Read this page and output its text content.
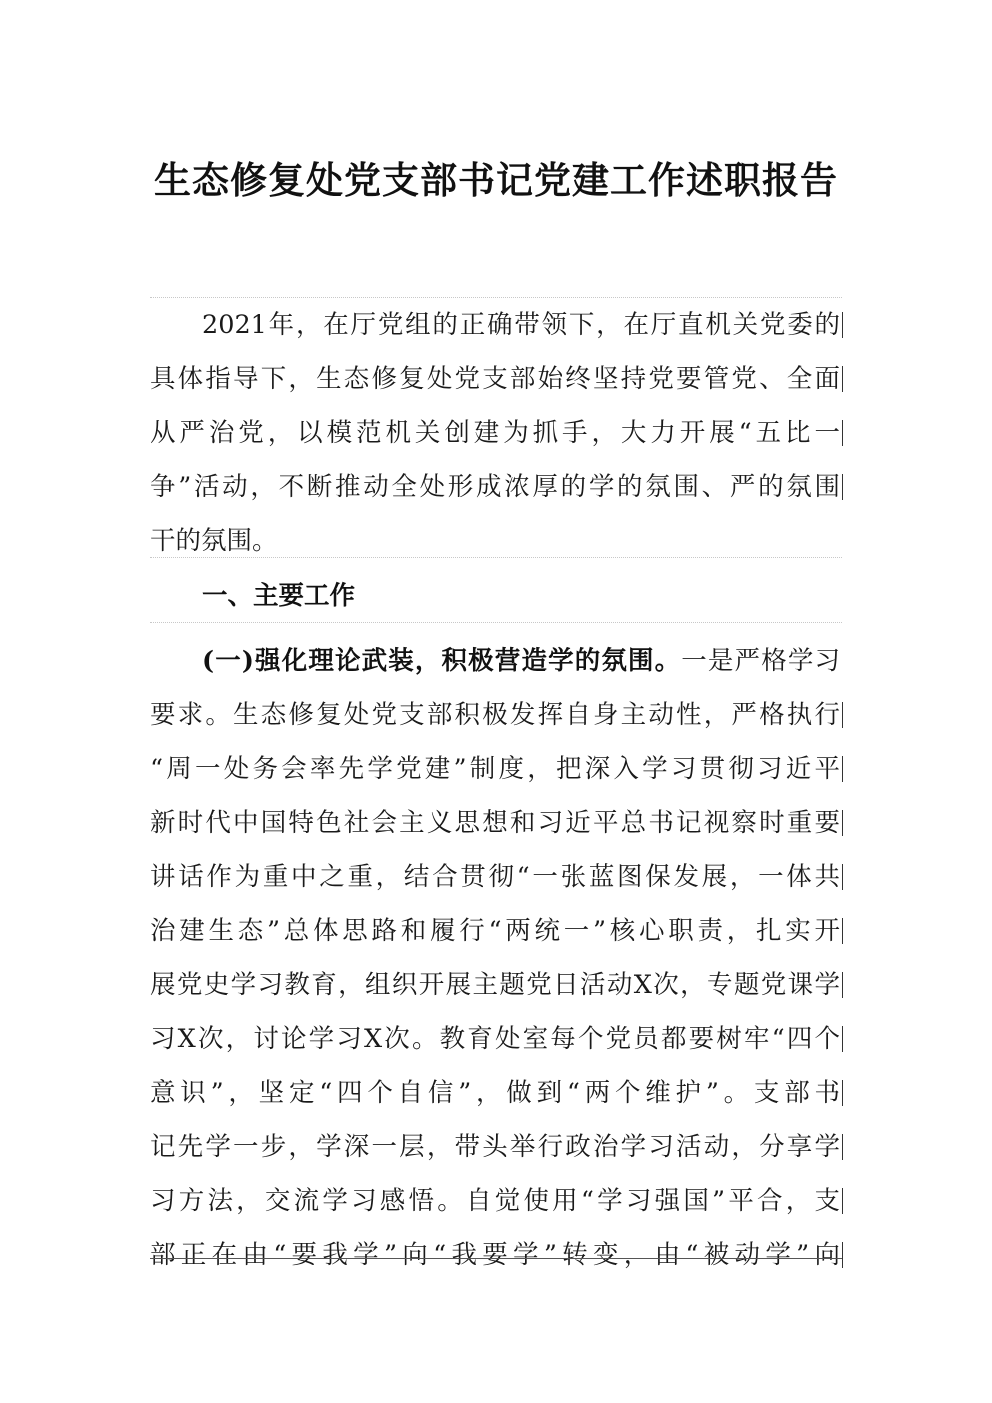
生态修复处党支部书记党建工作述职报告
2021年，在厅党组的正确带领下，在厅直机关党委的
具体指导下，生态修复处党支部始终坚持党要管党、全面
从严治党，以模范机关创建为抓手，大力开展“五比一
争”活动，不断推动全处形成浓厚的学的氛围、严的氛围
干的氛围。
一、主要工作
(一)强化理论武装，积极营造学的氛围。一是严格学习
要求。生态修复处党支部积极发挥自身主动性，严格执行
“周一处务会率先学党建”制度，把深入学习贯彻习近平
新时代中国特色社会主义思想和习近平总书记视察时重要
讲话作为重中之重，结合贯彻“一张蓝图保发展，一体共
治建生态”总体思路和履行“两统一”核心职责，扎实开
展党史学习教育，组织开展主题党日活动X次，专题党课学
习X次，讨论学习X次。教育处室每个党员都要树牢“四个
意识”，坚定“四个自信”，做到“两个维护”。支部书
记先学一步，学深一层，带头举行政治学习活动，分享学
习方法，交流学习感悟。自觉使用“学习强国”平合，支
部正在由“要我学”向“我要学”转变，由“被动学”向
